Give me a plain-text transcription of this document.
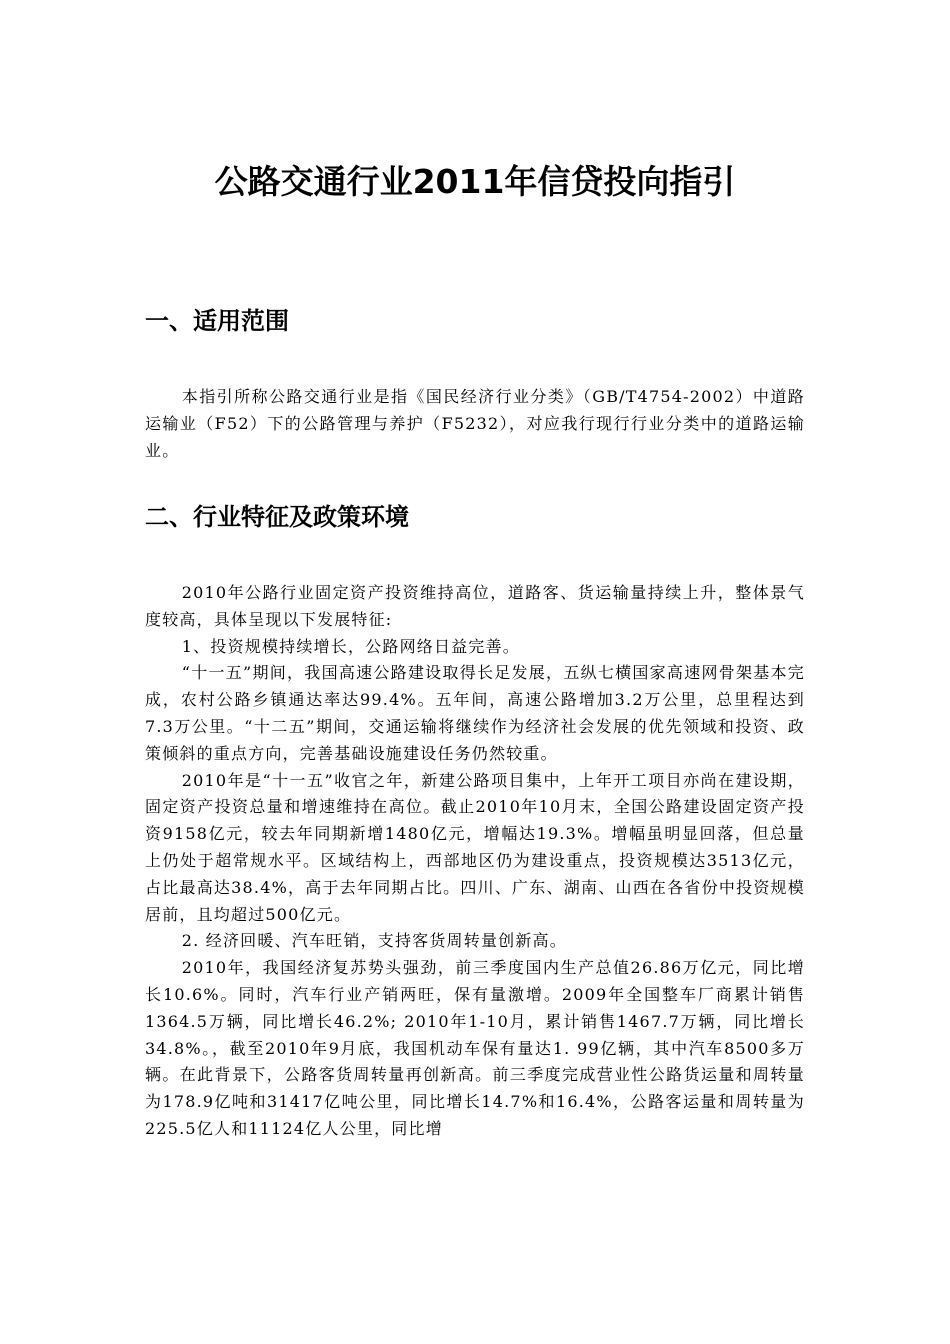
公路交通行业2011年信贷投向指引
一、适用范围

本指引所称公路交通行业是指《国民经济行业分类》（GB/T4754-2002）中道路运输业（F52）下的公路管理与养护（F5232），对应我行现行行业分类中的道路运输业。

二、行业特征及政策环境

2010年公路行业固定资产投资维持高位，道路客、货运输量持续上升，整体景气度较高，具体呈现以下发展特征:

1、投资规模持续增长，公路网络日益完善。

“十一五”期间，我国高速公路建设取得长足发展，五纵七横国家高速网骨架基本完成，农村公路乡镇通达率达99.4%。五年间，高速公路增加3.2万公里，总里程达到7.3万公里。“十二五”期间，交通运输将继续作为经济社会发展的优先领域和投资、政策倾斜的重点方向，完善基础设施建设任务仍然较重。

2010年是“十一五”收官之年，新建公路项目集中，上年开工项目亦尚在建设期，固定资产投资总量和增速维持在高位。截止2010年10月末，全国公路建设固定资产投资9158亿元，较去年同期新增1480亿元，增幅达19.3%。增幅虽明显回落，但总量上仍处于超常规水平。区域结构上，西部地区仍为建设重点，投资规模达3513亿元，占比最高达38.4%，高于去年同期占比。四川、广东、湖南、山西在各省份中投资规模居前，且均超过500亿元。

2. 经济回暖、汽车旺销，支持客货周转量创新高。

2010年，我国经济复苏势头强劲，前三季度国内生产总值26.86万亿元，同比增长10.6%。同时，汽车行业产销两旺，保有量激增。2009年全国整车厂商累计销售1364.5万辆，同比增长46.2%; 2010年1-10月，累计销售1467.7万辆，同比增长34.8%。，截至2010年9月底，我国机动车保有量达1. 99亿辆，其中汽车8500多万辆。在此背景下，公路客货周转量再创新高。前三季度完成营业性公路货运量和周转量为178.9亿吨和31417亿吨公里，同比增长14.7%和16.4%，公路客运量和周转量为225.5亿人和11124亿人公里，同比增
